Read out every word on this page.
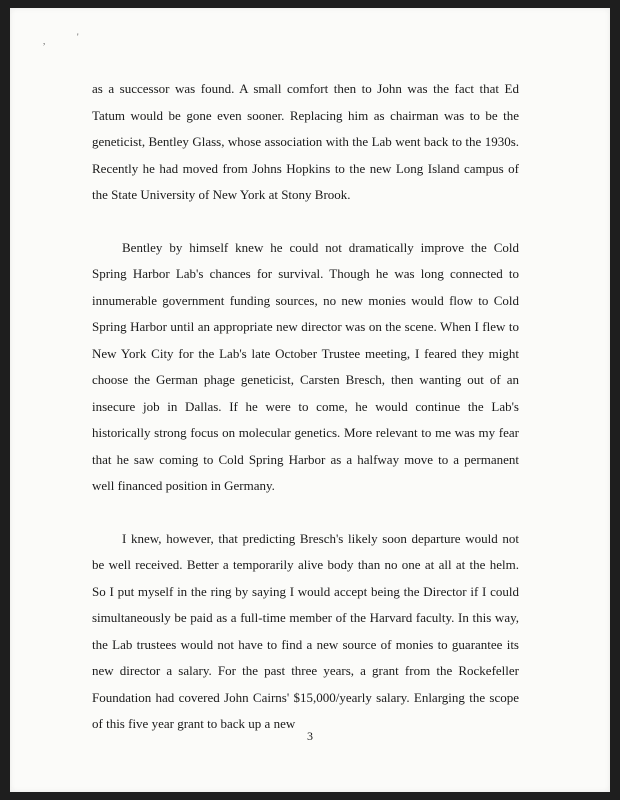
,	'

as a successor was found. A small comfort then to John was the fact that Ed Tatum would be gone even sooner. Replacing him as chairman was to be the geneticist, Bentley Glass, whose association with the Lab went back to the 1930s. Recently he had moved from Johns Hopkins to the new Long Island campus of the State University of New York at Stony Brook.

Bentley by himself knew he could not dramatically improve the Cold Spring Harbor Lab's chances for survival. Though he was long connected to innumerable government funding sources, no new monies would flow to Cold Spring Harbor until an appropriate new director was on the scene. When I flew to New York City for the Lab's late October Trustee meeting, I feared they might choose the German phage geneticist, Carsten Bresch, then wanting out of an insecure job in Dallas. If he were to come, he would continue the Lab's historically strong focus on molecular genetics. More relevant to me was my fear that he saw coming to Cold Spring Harbor as a halfway move to a permanent well financed position in Germany.

I knew, however, that predicting Bresch's likely soon departure would not be well received. Better a temporarily alive body than no one at all at the helm. So I put myself in the ring by saying I would accept being the Director if I could simultaneously be paid as a full-time member of the Harvard faculty. In this way, the Lab trustees would not have to find a new source of monies to guarantee its new director a salary. For the past three years, a grant from the Rockefeller Foundation had covered John Cairns' $15,000/yearly salary. Enlarging the scope of this five year grant to back up a new

3
